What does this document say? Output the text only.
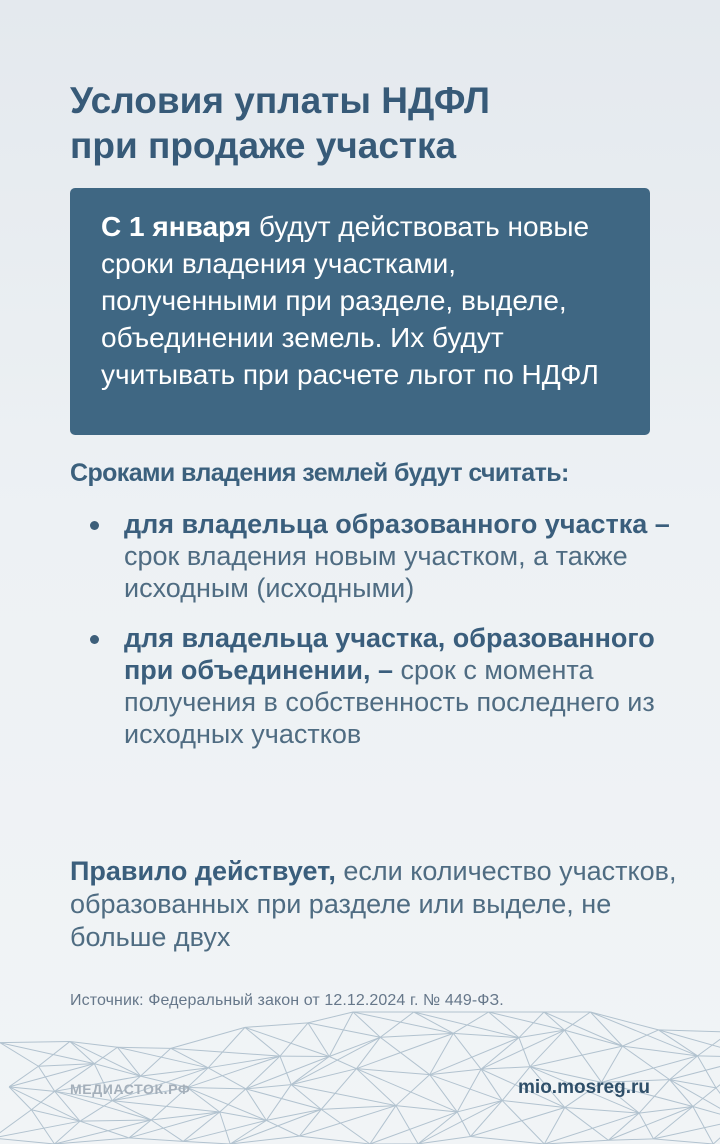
Условия уплаты НДФЛ
при продаже участка

С 1 января будут действовать новые сроки владения участками, полученными при разделе, выделе, объединении земель. Их будут учитывать при расчете льгот по НДФЛ

Сроками владения землей будут считать:
для владельца образованного участка – срок владения новым участком, а также исходным (исходными)
для владельца участка, образованного при объединении, – срок с момента получения в собственность последнего из исходных участков

Правило действует, если количество участков, образованных при разделе или выделе, не больше двух

Источник: Федеральный закон от 12.12.2024 г. № 449-ФЗ.

МЕДИАСТОК.РФ	mio.mosreg.ru
